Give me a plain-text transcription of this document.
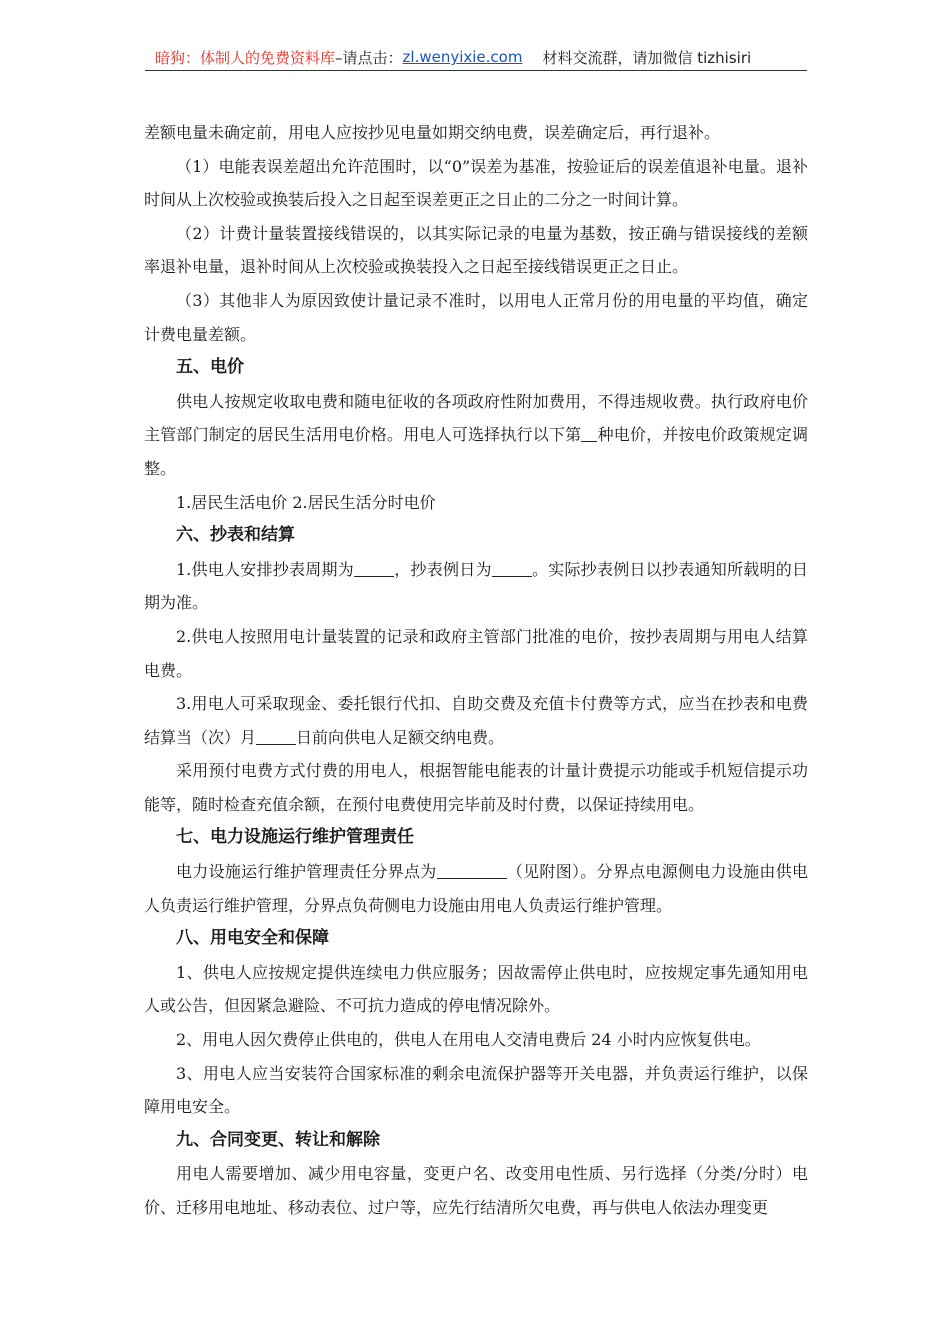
暗狗：体制人的免费资料库 –请点击： zl.wenyixie.com 材料交流群，请加微信 tizhisiri

差额电量未确定前，用电人应按抄见电量如期交纳电费，误差确定后，再行退补。

（1）电能表误差超出允许范围时，以“0”误差为基准，按验证后的误差值退补电量。退补时间从上次校验或换装后投入之日起至误差更正之日止的二分之一时间计算。

（2）计费计量装置接线错误的，以其实际记录的电量为基数，按正确与错误接线的差额率退补电量，退补时间从上次校验或换装投入之日起至接线错误更正之日止。

（3）其他非人为原因致使计量记录不准时，以用电人正常月份的用电量的平均值，确定计费电量差额。

五、电价

供电人按规定收取电费和随电征收的各项政府性附加费用，不得违规收费。执行政府电价主管部门制定的居民生活用电价格。用电人可选择执行以下第 种电价，并按电价政策规定调整。

1.居民生活电价 2.居民生活分时电价

六、抄表和结算

1.供电人安排抄表周期为	，抄表例日为	。实际抄表例日以抄表通知所载明的日期为准。

2.供电人按照用电计量装置的记录和政府主管部门批准的电价，按抄表周期与用电人结算电费。

3.用电人可采取现金、委托银行代扣、自助交费及充值卡付费等方式，应当在抄表和电费结算当（次）月	日前向供电人足额交纳电费。

采用预付电费方式付费的用电人，根据智能电能表的计量计费提示功能或手机短信提示功能等，随时检查充值余额，在预付电费使用完毕前及时付费，以保证持续用电。

七、电力设施运行维护管理责任

电力设施运行维护管理责任分界点为	（见附图）。分界点电源侧电力设施由供电人负责运行维护管理，分界点负荷侧电力设施由用电人负责运行维护管理。

八、用电安全和保障

1、供电人应按规定提供连续电力供应服务；因故需停止供电时，应按规定事先通知用电人或公告，但因紧急避险、不可抗力造成的停电情况除外。

2、用电人因欠费停止供电的，供电人在用电人交清电费后 24 小时内应恢复供电。

3、用电人应当安装符合国家标准的剩余电流保护器等开关电器，并负责运行维护，以保障用电安全。

九、合同变更、转让和解除

用电人需要增加、减少用电容量，变更户名、改变用电性质、另行选择（分类/分时）电价、迁移用电地址、移动表位、过户等，应先行结清所欠电费，再与供电人依法办理变更
